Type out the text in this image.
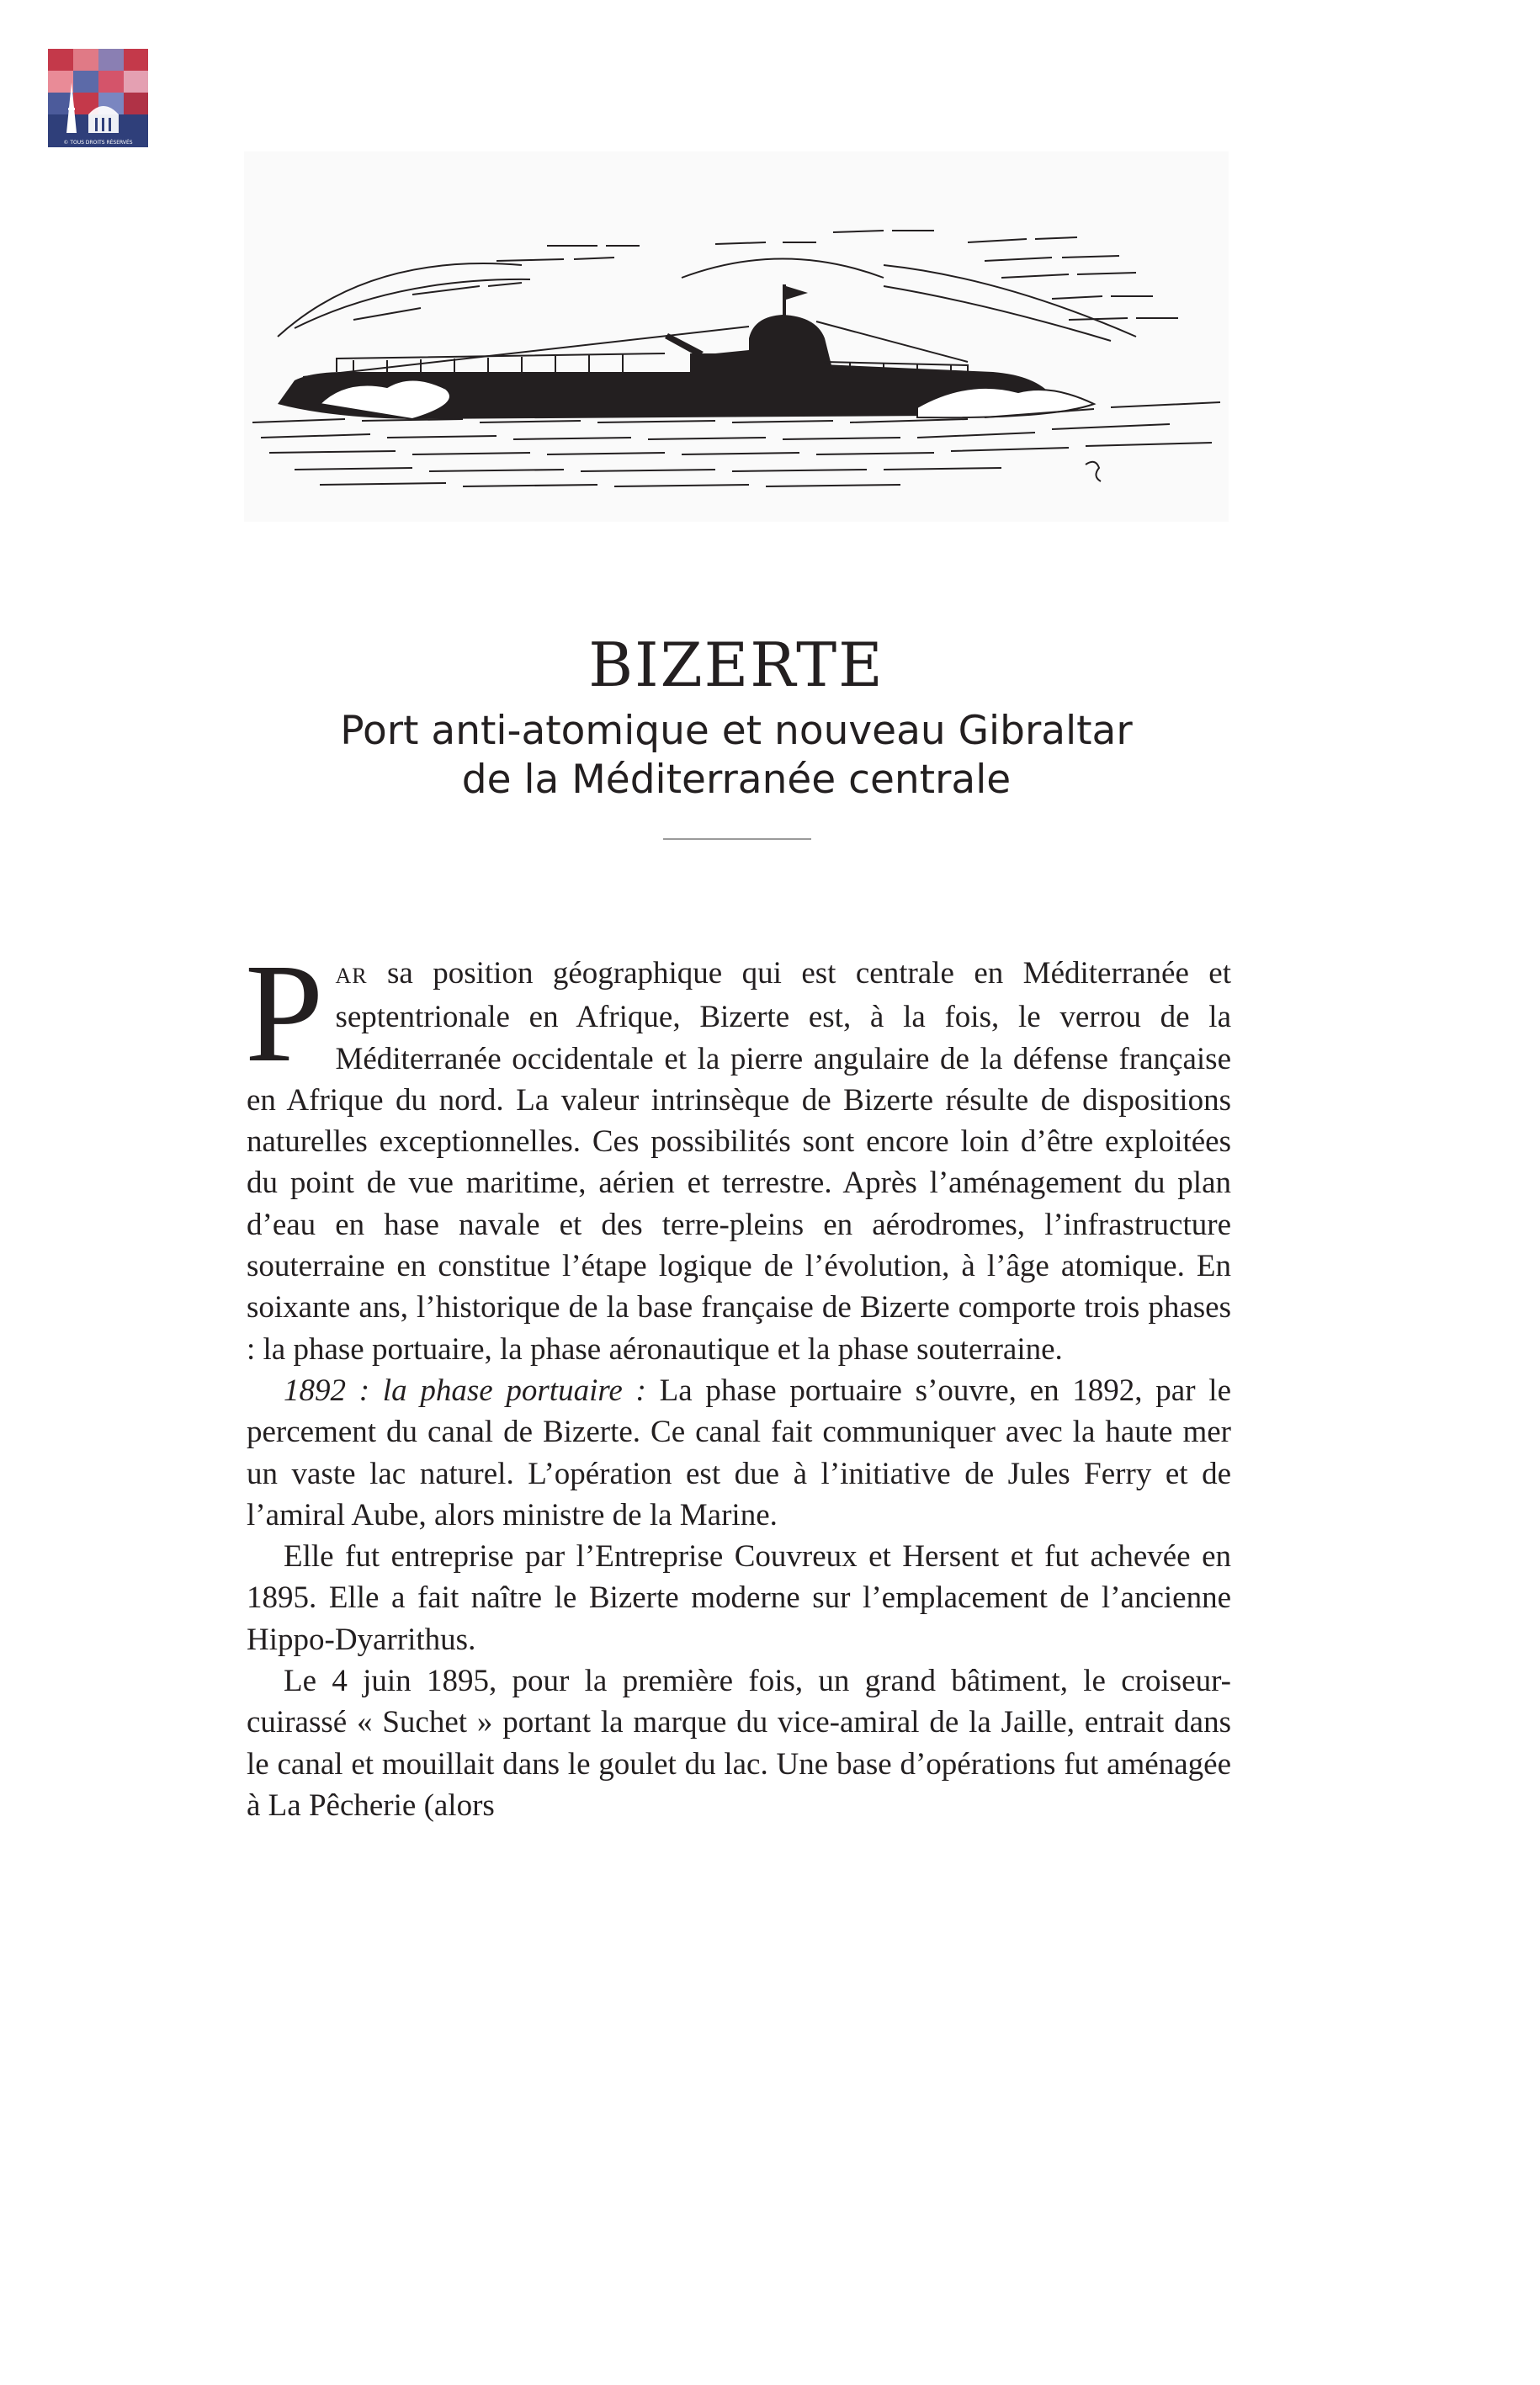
© TOUS DROITS RÉSERVÉS
BIZERTE
Port anti-atomique et nouveau Gibraltar
de la Méditerranée centrale

PAR sa position géographique qui est centrale en Méditerranée et septentrionale en Afrique, Bizerte est, à la fois, le verrou de la Méditerranée occidentale et la pierre angulaire de la défense française en Afrique du nord. La valeur intrinsèque de Bizerte résulte de dispositions naturelles exceptionnelles. Ces possibilités sont encore loin d’être exploitées du point de vue maritime, aérien et terrestre. Après l’aménagement du plan d’eau en hase navale et des terre-pleins en aérodromes, l’infrastructure souterraine en constitue l’étape logique de l’évolution, à l’âge atomique. En soixante ans, l’historique de la base française de Bizerte comporte trois phases : la phase portuaire, la phase aéronautique et la phase souterraine.

1892 : la phase portuaire : La phase portuaire s’ouvre, en 1892, par le percement du canal de Bizerte. Ce canal fait communiquer avec la haute mer un vaste lac naturel. L’opération est due à l’initiative de Jules Ferry et de l’amiral Aube, alors ministre de la Marine.

Elle fut entreprise par l’Entreprise Couvreux et Hersent et fut achevée en 1895. Elle a fait naître le Bizerte moderne sur l’emplacement de l’ancienne Hippo-Dyarrithus.

Le 4 juin 1895, pour la première fois, un grand bâtiment, le croiseur-cuirassé « Suchet » portant la marque du vice-amiral de la Jaille, entrait dans le canal et mouillait dans le goulet du lac. Une base d’opérations fut aménagée à La Pêcherie (alors
